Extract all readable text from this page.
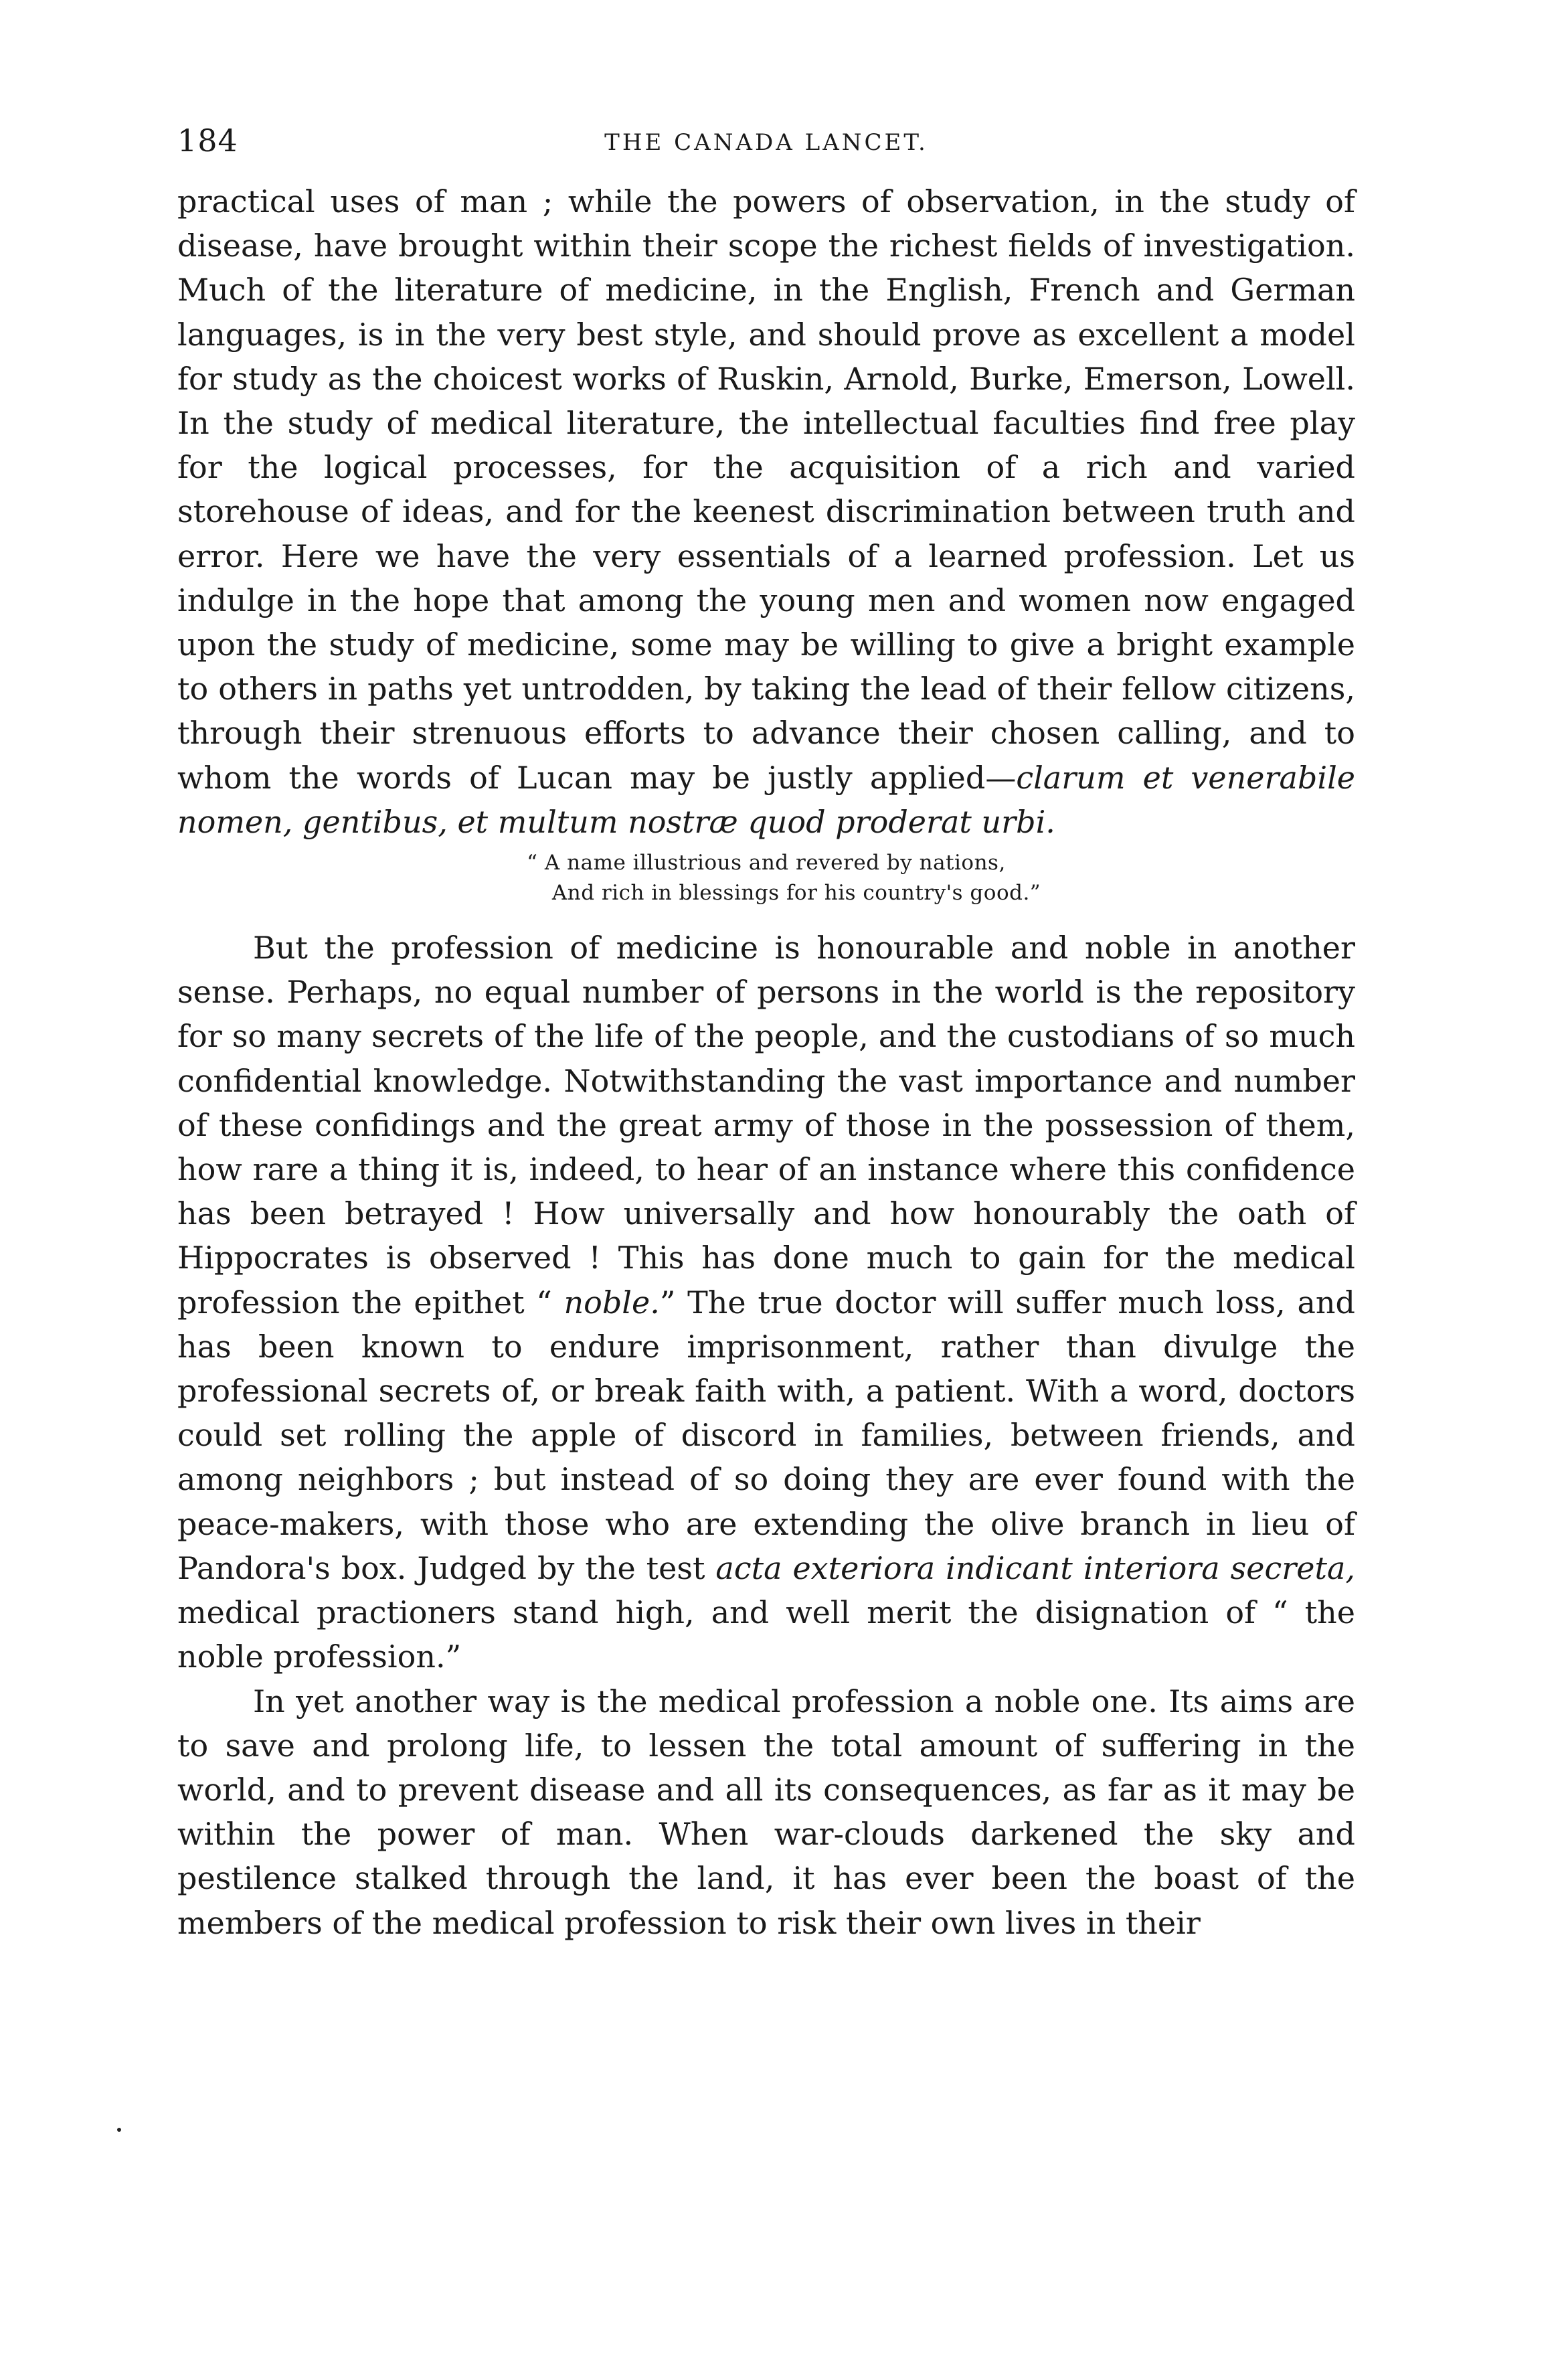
184	THE CANADA LANCET.

practical uses of man ; while the powers of observation, in the study of disease, have brought within their scope the richest fields of investigation. Much of the literature of medicine, in the English, French and German languages, is in the very best style, and should prove as excellent a model for study as the choicest works of Ruskin, Arnold, Burke, Emerson, Lowell. In the study of medical literature, the intellectual faculties find free play for the logical processes, for the acquisition of a rich and varied storehouse of ideas, and for the keenest discrimination between truth and error. Here we have the very essentials of a learned profession. Let us indulge in the hope that among the young men and women now engaged upon the study of medicine, some may be willing to give a bright example to others in paths yet untrodden, by taking the lead of their fellow citizens, through their strenuous efforts to advance their chosen calling, and to whom the words of Lucan may be justly applied—clarum et venerabile nomen, gentibus, et multum nostræ quod proderat urbi.

“ A name illustrious and revered by nations,
And rich in blessings for his country's good.”

But the profession of medicine is honourable and noble in another sense. Perhaps, no equal number of persons in the world is the repository for so many secrets of the life of the people, and the custodians of so much confidential knowledge. Notwithstanding the vast importance and number of these confidings and the great army of those in the possession of them, how rare a thing it is, indeed, to hear of an instance where this confidence has been betrayed ! How universally and how honourably the oath of Hippocrates is observed ! This has done much to gain for the medical profession the epithet “ noble.” The true doctor will suffer much loss, and has been known to endure imprisonment, rather than divulge the professional secrets of, or break faith with, a patient. With a word, doctors could set rolling the apple of discord in families, between friends, and among neighbors ; but instead of so doing they are ever found with the peace-makers, with those who are extending the olive branch in lieu of Pandora's box. Judged by the test acta exteriora indicant interiora secreta, medical practioners stand high, and well merit the disignation of “ the noble profession.”

In yet another way is the medical profession a noble one. Its aims are to save and prolong life, to lessen the total amount of suffering in the world, and to prevent disease and all its consequences, as far as it may be within the power of man. When war-clouds darkened the sky and pestilence stalked through the land, it has ever been the boast of the members of the medical profession to risk their own lives in their
